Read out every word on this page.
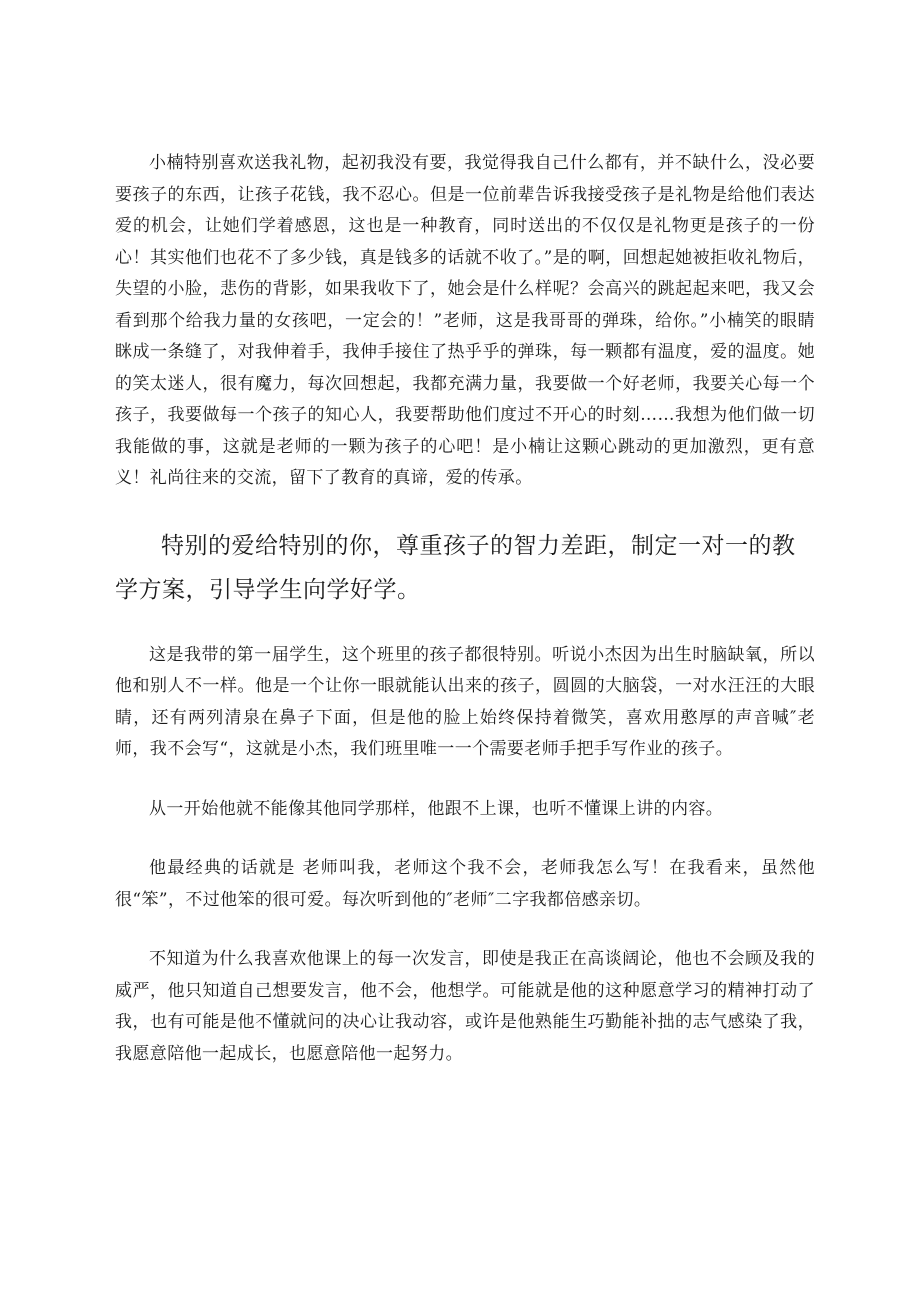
小楠特别喜欢送我礼物，起初我没有要，我觉得我自己什么都有，并不缺什么，没必要要孩子的东西，让孩子花钱，我不忍心。但是一位前辈告诉我接受孩子是礼物是给他们表达爱的机会，让她们学着感恩，这也是一种教育，同时送出的不仅仅是礼物更是孩子的一份心！其实他们也花不了多少钱，真是钱多的话就不收了。”是的啊，回想起她被拒收礼物后，失望的小脸，悲伤的背影，如果我收下了，她会是什么样呢？会高兴的跳起起来吧，我又会看到那个给我力量的女孩吧，一定会的！”老师，这是我哥哥的弹珠，给你。”小楠笑的眼睛眯成一条缝了，对我伸着手，我伸手接住了热乎乎的弹珠，每一颗都有温度，爱的温度。她的笑太迷人，很有魔力，每次回想起，我都充满力量，我要做一个好老师，我要关心每一个孩子，我要做每一个孩子的知心人，我要帮助他们度过不开心的时刻……我想为他们做一切我能做的事，这就是老师的一颗为孩子的心吧！是小楠让这颗心跳动的更加激烈，更有意义！礼尚往来的交流，留下了教育的真谛，爱的传承。

特别的爱给特别的你，尊重孩子的智力差距，制定一对一的教学方案，引导学生向学好学。

这是我带的第一届学生，这个班里的孩子都很特别。听说小杰因为出生时脑缺氧，所以他和别人不一样。他是一个让你一眼就能认出来的孩子，圆圆的大脑袋，一对水汪汪的大眼睛，还有两列清泉在鼻子下面，但是他的脸上始终保持着微笑，喜欢用憨厚的声音喊″老师，我不会写“，这就是小杰，我们班里唯一一个需要老师手把手写作业的孩子。

从一开始他就不能像其他同学那样，他跟不上课，也听不懂课上讲的内容。

他最经典的话就是 老师叫我，老师这个我不会，老师我怎么写！在我看来，虽然他很“笨”，不过他笨的很可爱。每次听到他的″老师″二字我都倍感亲切。

不知道为什么我喜欢他课上的每一次发言，即使是我正在高谈阔论，他也不会顾及我的威严，他只知道自己想要发言，他不会，他想学。可能就是他的这种愿意学习的精神打动了我，也有可能是他不懂就问的决心让我动容，或许是他熟能生巧勤能补拙的志气感染了我，我愿意陪他一起成长，也愿意陪他一起努力。
